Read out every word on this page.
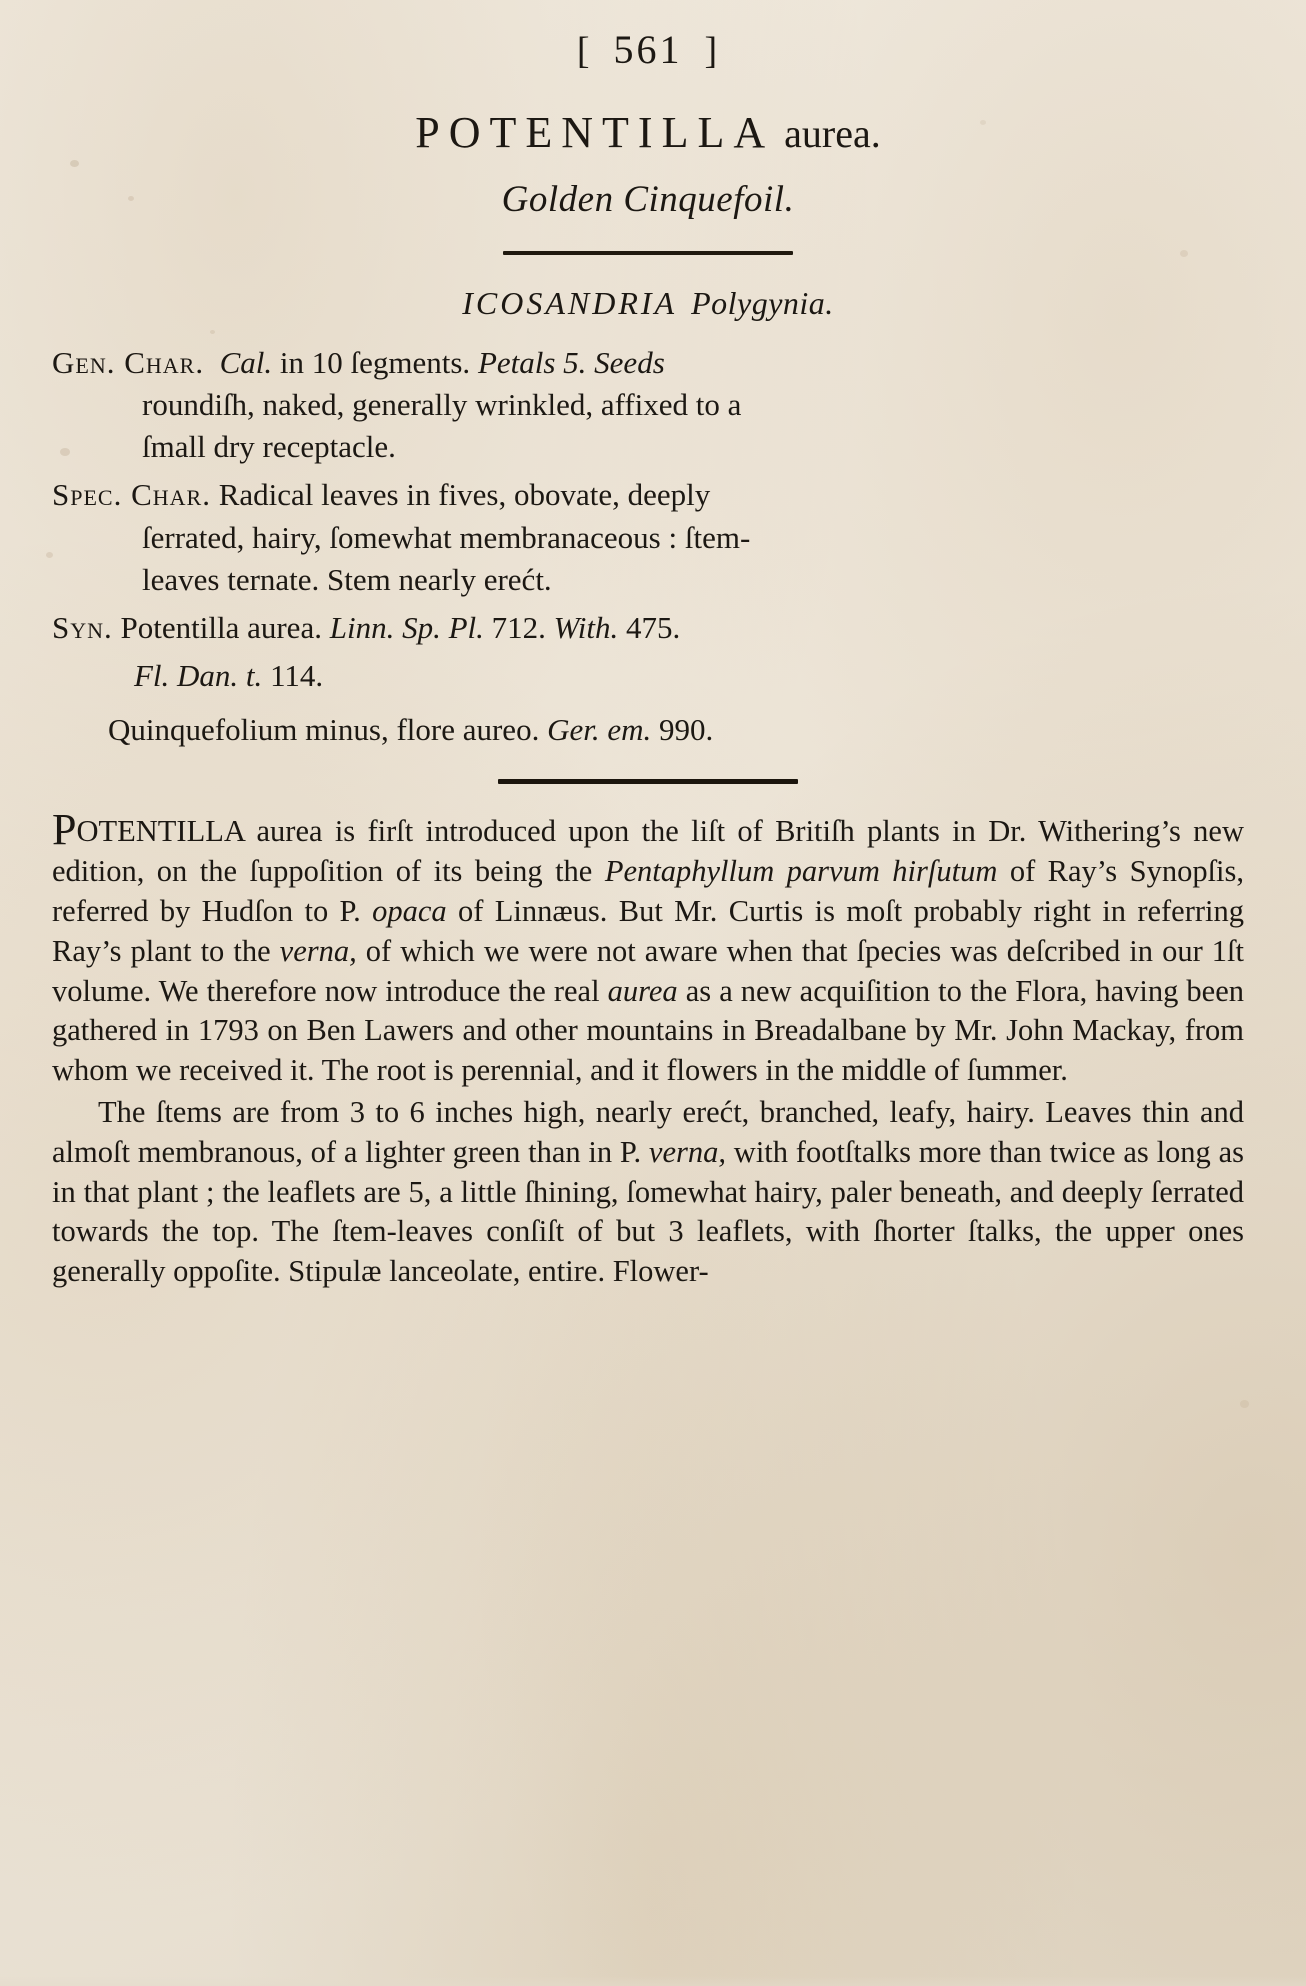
[ 561 ]
POTENTILLA aurea.
Golden Cinquefoil.
ICOSANDRIA Polygynia.
Gen. Char. Cal. in 10 ſegments. Petals 5. Seeds
roundiſh, naked, generally wrinkled, affixed to a
ſmall dry receptacle.
Spec. Char. Radical leaves in fives, obovate, deeply
ſerrated, hairy, ſomewhat membranaceous : ſtem-
leaves ternate. Stem nearly erećt.
Syn. Potentilla aurea. Linn. Sp. Pl. 712. With. 475.
Fl. Dan. t. 114.
Quinquefolium minus, flore aureo. Ger. em. 990.

POTENTILLA aurea is firſt introduced upon the liſt of Britiſh plants in Dr. Withering’s new edition, on the ſuppoſition of its being the Pentaphyllum parvum hirſutum of Ray’s Synopſis, referred by Hudſon to P. opaca of Linnæus. But Mr. Curtis is moſt probably right in referring Ray’s plant to the verna, of which we were not aware when that ſpecies was deſcribed in our 1ſt volume. We therefore now introduce the real aurea as a new acquiſition to the Flora, having been gathered in 1793 on Ben Lawers and other mountains in Breadalbane by Mr. John Mackay, from whom we received it. The root is perennial, and it flowers in the middle of ſummer.

The ſtems are from 3 to 6 inches high, nearly erećt, branched, leafy, hairy. Leaves thin and almoſt membranous, of a lighter green than in P. verna, with footſtalks more than twice as long as in that plant ; the leaflets are 5, a little ſhining, ſomewhat hairy, paler beneath, and deeply ſerrated towards the top. The ſtem-leaves conſiſt of but 3 leaflets, with ſhorter ſtalks, the upper ones generally oppoſite. Stipulæ lanceolate, entire. Flower-
